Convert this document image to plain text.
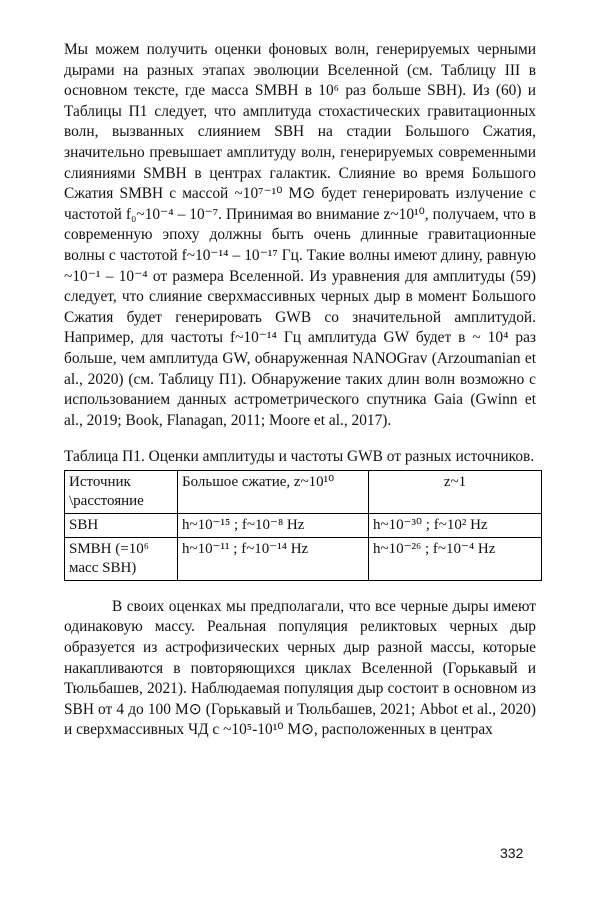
Мы можем получить оценки фоновых волн, генерируемых черными дырами на разных этапах эволюции Вселенной (см. Таблицу III в основном тексте, где масса SMBH в 10⁶ раз больше SBH). Из (60) и Таблицы П1 следует, что амплитуда стохастических гравитационных волн, вызванных слиянием SBH на стадии Большого Сжатия, значительно превышает амплитуду волн, генерируемых современными слияниями SMBH в центрах галактик. Слияние во время Большого Сжатия SMBH с массой ~10⁷⁻¹⁰ M⊙ будет генерировать излучение с частотой f₀~10⁻⁴ – 10⁻⁷. Принимая во внимание z~10¹⁰, получаем, что в современную эпоху должны быть очень длинные гравитационные волны с частотой f~10⁻¹⁴ – 10⁻¹⁷ Гц. Такие волны имеют длину, равную ~10⁻¹ – 10⁻⁴ от размера Вселенной. Из уравнения для амплитуды (59) следует, что слияние сверхмассивных черных дыр в момент Большого Сжатия будет генерировать GWB со значительной амплитудой. Например, для частоты f~10⁻¹⁴ Гц амплитуда GW будет в ~ 10⁴ раз больше, чем амплитуда GW, обнаруженная NANOGrav (Arzoumanian et al., 2020) (см. Таблицу П1). Обнаружение таких длин волн возможно с использованием данных астрометрического спутника Gaia (Gwinn et al., 2019; Book, Flanagan, 2011; Moore et al., 2017).

Таблица П1. Оценки амплитуды и частоты GWB от разных источников.

Источник \расстояние	Большое сжатие, z~10¹⁰	z~1
SBH	h~10⁻¹⁵ ; f~10⁻⁸ Hz	h~10⁻³⁰ ; f~10² Hz
SMBH (=10⁶ масс SBH)	h~10⁻¹¹ ; f~10⁻¹⁴ Hz	h~10⁻²⁶ ; f~10⁻⁴ Hz

В своих оценках мы предполагали, что все черные дыры имеют одинаковую массу. Реальная популяция реликтовых черных дыр образуется из астрофизических черных дыр разной массы, которые накапливаются в повторяющихся циклах Вселенной (Горькавый и Тюльбашев, 2021). Наблюдаемая популяция дыр состоит в основном из SBH от 4 до 100 M⊙ (Горькавый и Тюльбашев, 2021; Abbot et al., 2020) и сверхмассивных ЧД с ~10⁵-10¹⁰ M⊙, расположенных в центрах

332
